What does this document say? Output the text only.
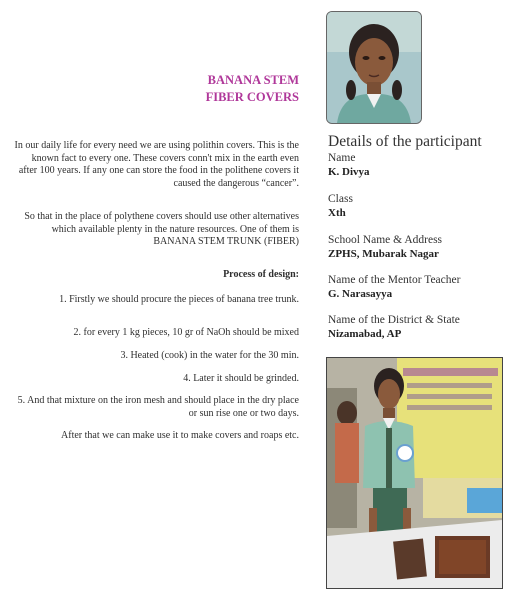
BANANA STEM
FIBER COVERS
In our daily life for every need we are using polithin covers. This is the known fact to every one. These covers conn't mix in the earth even after 100 years. If any one can store the food in the polithene covers it caused the dangerous “cancer”.
So that in the place of polythene covers should use other alternatives which available plenty in the nature resources. One of them is BANANA STEM TRUNK (FIBER)
Process of design:
1. Firstly we should procure the pieces of banana tree trunk.
2. for every 1 kg pieces, 10 gr of NaOh should be mixed
3. Heated (cook) in the water for the 30 min.
4. Later it should be grinded.
5. And that mixture on the iron mesh and should place in the dry place or sun rise one or two days.
After that we can make use it to make covers and roaps etc.
Details of the participant
Name
K. Divya
Class
Xth
School Name & Address
ZPHS, Mubarak Nagar
Name of the Mentor Teacher
G. Narasayya
Name of the District & State
Nizamabad, AP
